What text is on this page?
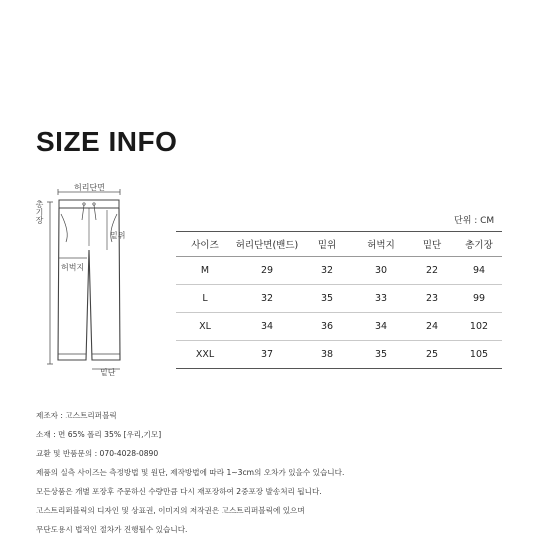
SIZE INFO
허리단면
총기장
밑위
허벅지
밑단
단위 : CM
사이즈	허리단면(밴드)	밑위	허벅지	밑단	총기장
M	29	32	30	22	94
L	32	35	33	23	99
XL	34	36	34	24	102
XXL	37	38	35	25	105
제조자 : 고스트리퍼블릭
소재 : 면 65% 폴리 35% [우리,기모]
교환 및 반품문의 : 070-4028-0890
제품의 실측 사이즈는 측정방법 및 원단, 제작방법에 따라 1~3cm의 오차가 있을수 있습니다.
모든상품은 개별 포장후 주문하신 수량만큼 다시 재포장하여 2중포장 발송처리 됩니다.
고스트리퍼블릭의 디자인 및 상표권, 이미지의 저작권은 고스트리퍼블릭에 있으며
무단도용시 법적인 절차가 진행될수 있습니다.
